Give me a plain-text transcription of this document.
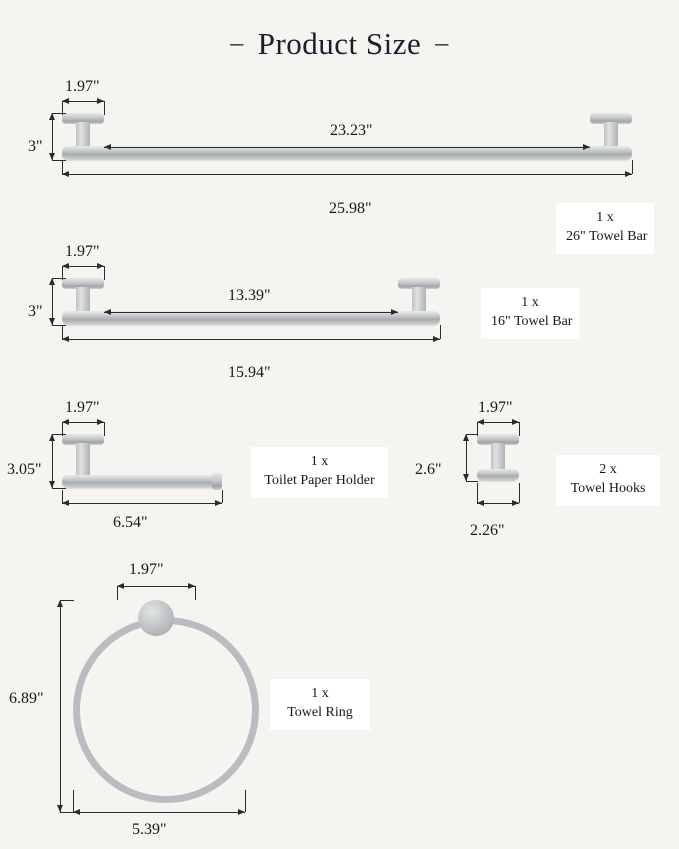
– Product Size –
1.97"
3"
23.23"
25.98"
1 x
26" Towel Bar
1.97"
3"
13.39"
15.94"
1 x
16" Towel Bar
1.97"
3.05"
6.54"
1 x
Toilet Paper Holder
1.97"
2.6"
2.26"
2 x
Towel Hooks
1.97"
6.89"
5.39"
1 x
Towel Ring
